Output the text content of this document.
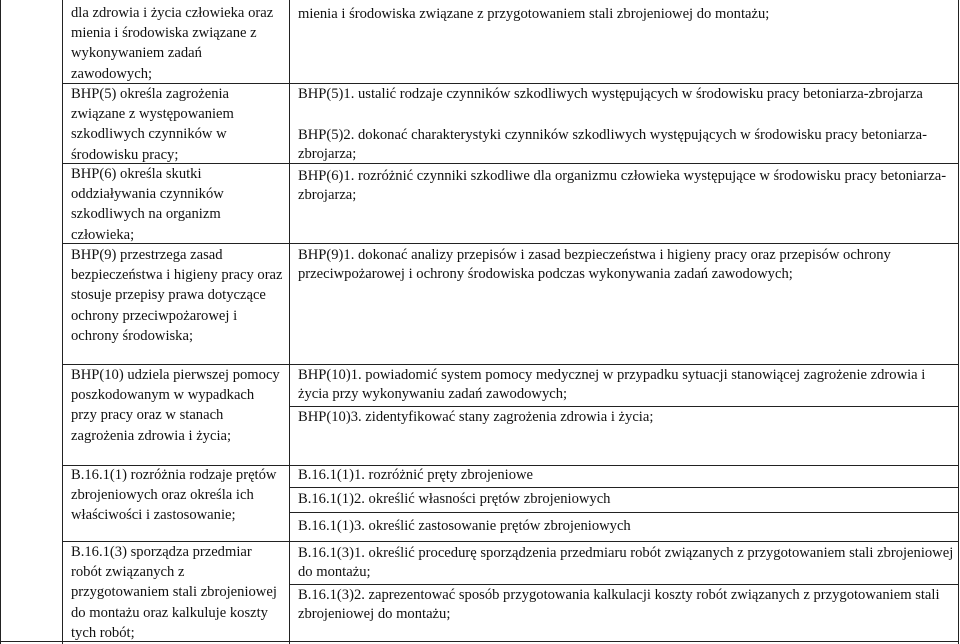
dla zdrowia i życia człowieka oraz mienia i środowiska związane z wykonywaniem zadań zawodowych;
BHP(5) określa zagrożenia związane z występowaniem szkodliwych czynników w środowisku pracy;
BHP(6) określa skutki oddziaływania czynników szkodliwych na organizm człowieka;
BHP(9) przestrzega zasad bezpieczeństwa i higieny pracy oraz stosuje przepisy prawa dotyczące ochrony przeciwpożarowej i ochrony środowiska;
BHP(10) udziela pierwszej pomocy poszkodowanym w wypadkach przy pracy oraz w stanach zagrożenia zdrowia i życia;
B.16.1(1) rozróżnia rodzaje prętów zbrojeniowych oraz określa ich właściwości i zastosowanie;
B.16.1(3) sporządza przedmiar robót związanych z przygotowaniem stali zbrojeniowej do montażu oraz kalkuluje koszty tych robót;
mienia i środowiska związane z przygotowaniem stali zbrojeniowej do montażu;
BHP(5)1. ustalić rodzaje czynników szkodliwych występujących w środowisku pracy betoniarza-zbrojarza
BHP(5)2. dokonać charakterystyki czynników szkodliwych występujących w środowisku pracy betoniarza- zbrojarza;
BHP(6)1. rozróżnić czynniki szkodliwe dla organizmu człowieka występujące w środowisku pracy betoniarza-zbrojarza;
BHP(9)1. dokonać analizy przepisów i zasad bezpieczeństwa i higieny pracy oraz przepisów ochrony przeciwpożarowej i ochrony środowiska podczas wykonywania zadań zawodowych;
BHP(10)1. powiadomić system pomocy medycznej w przypadku sytuacji stanowiącej zagrożenie zdrowia i życia przy wykonywaniu zadań zawodowych;
BHP(10)3. zidentyfikować stany zagrożenia zdrowia i życia;
B.16.1(1)1. rozróżnić pręty zbrojeniowe
B.16.1(1)2. określić własności prętów zbrojeniowych
B.16.1(1)3. określić zastosowanie prętów zbrojeniowych
B.16.1(3)1. określić procedurę sporządzenia przedmiaru robót związanych z przygotowaniem stali zbrojeniowej do montażu;
B.16.1(3)2. zaprezentować sposób przygotowania kalkulacji koszty robót związanych z przygotowaniem stali zbrojeniowej do montażu;
